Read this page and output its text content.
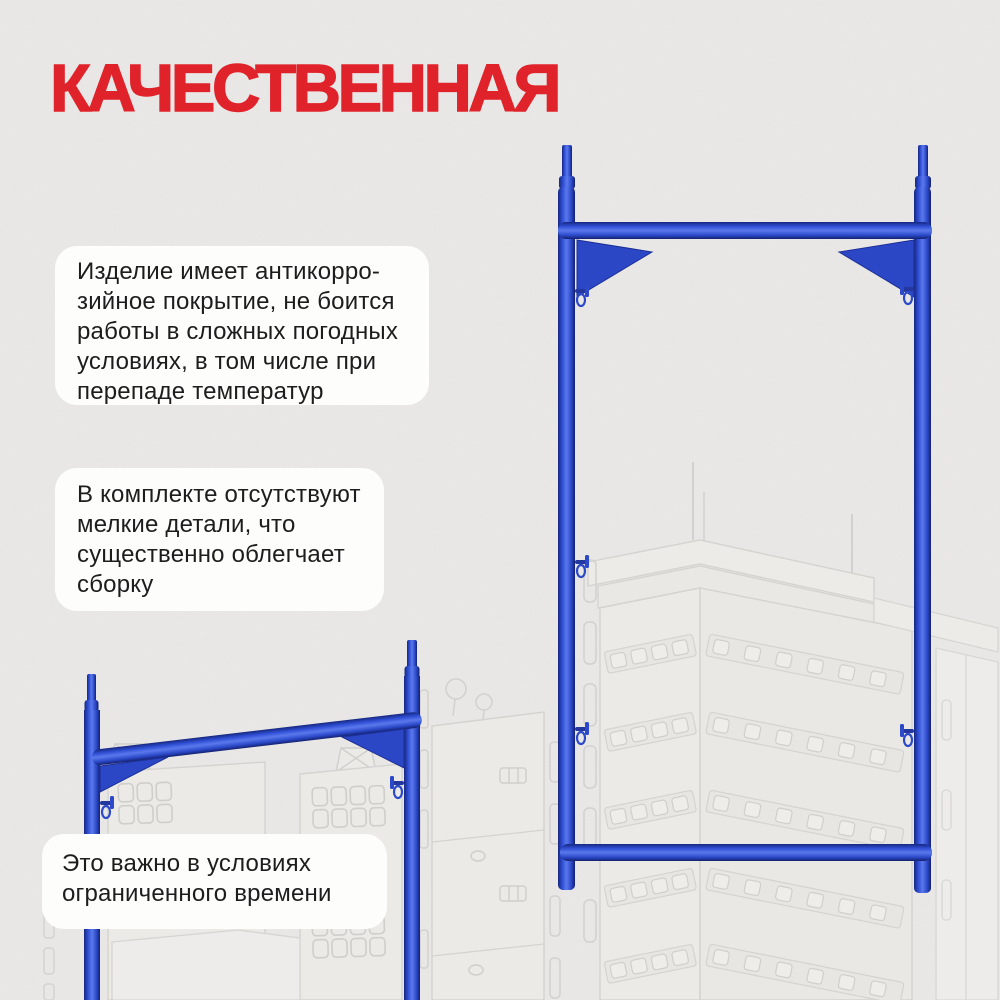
КАЧЕСТВЕННАЯ
Изделие имеет антикорро-
зийное покрытие, не боится
работы в сложных погодных
условиях, в том числе при
перепаде температур
В комплекте отсутствуют
мелкие детали, что
существенно облегчает
сборку
Это важно в условиях
ограниченного времени
